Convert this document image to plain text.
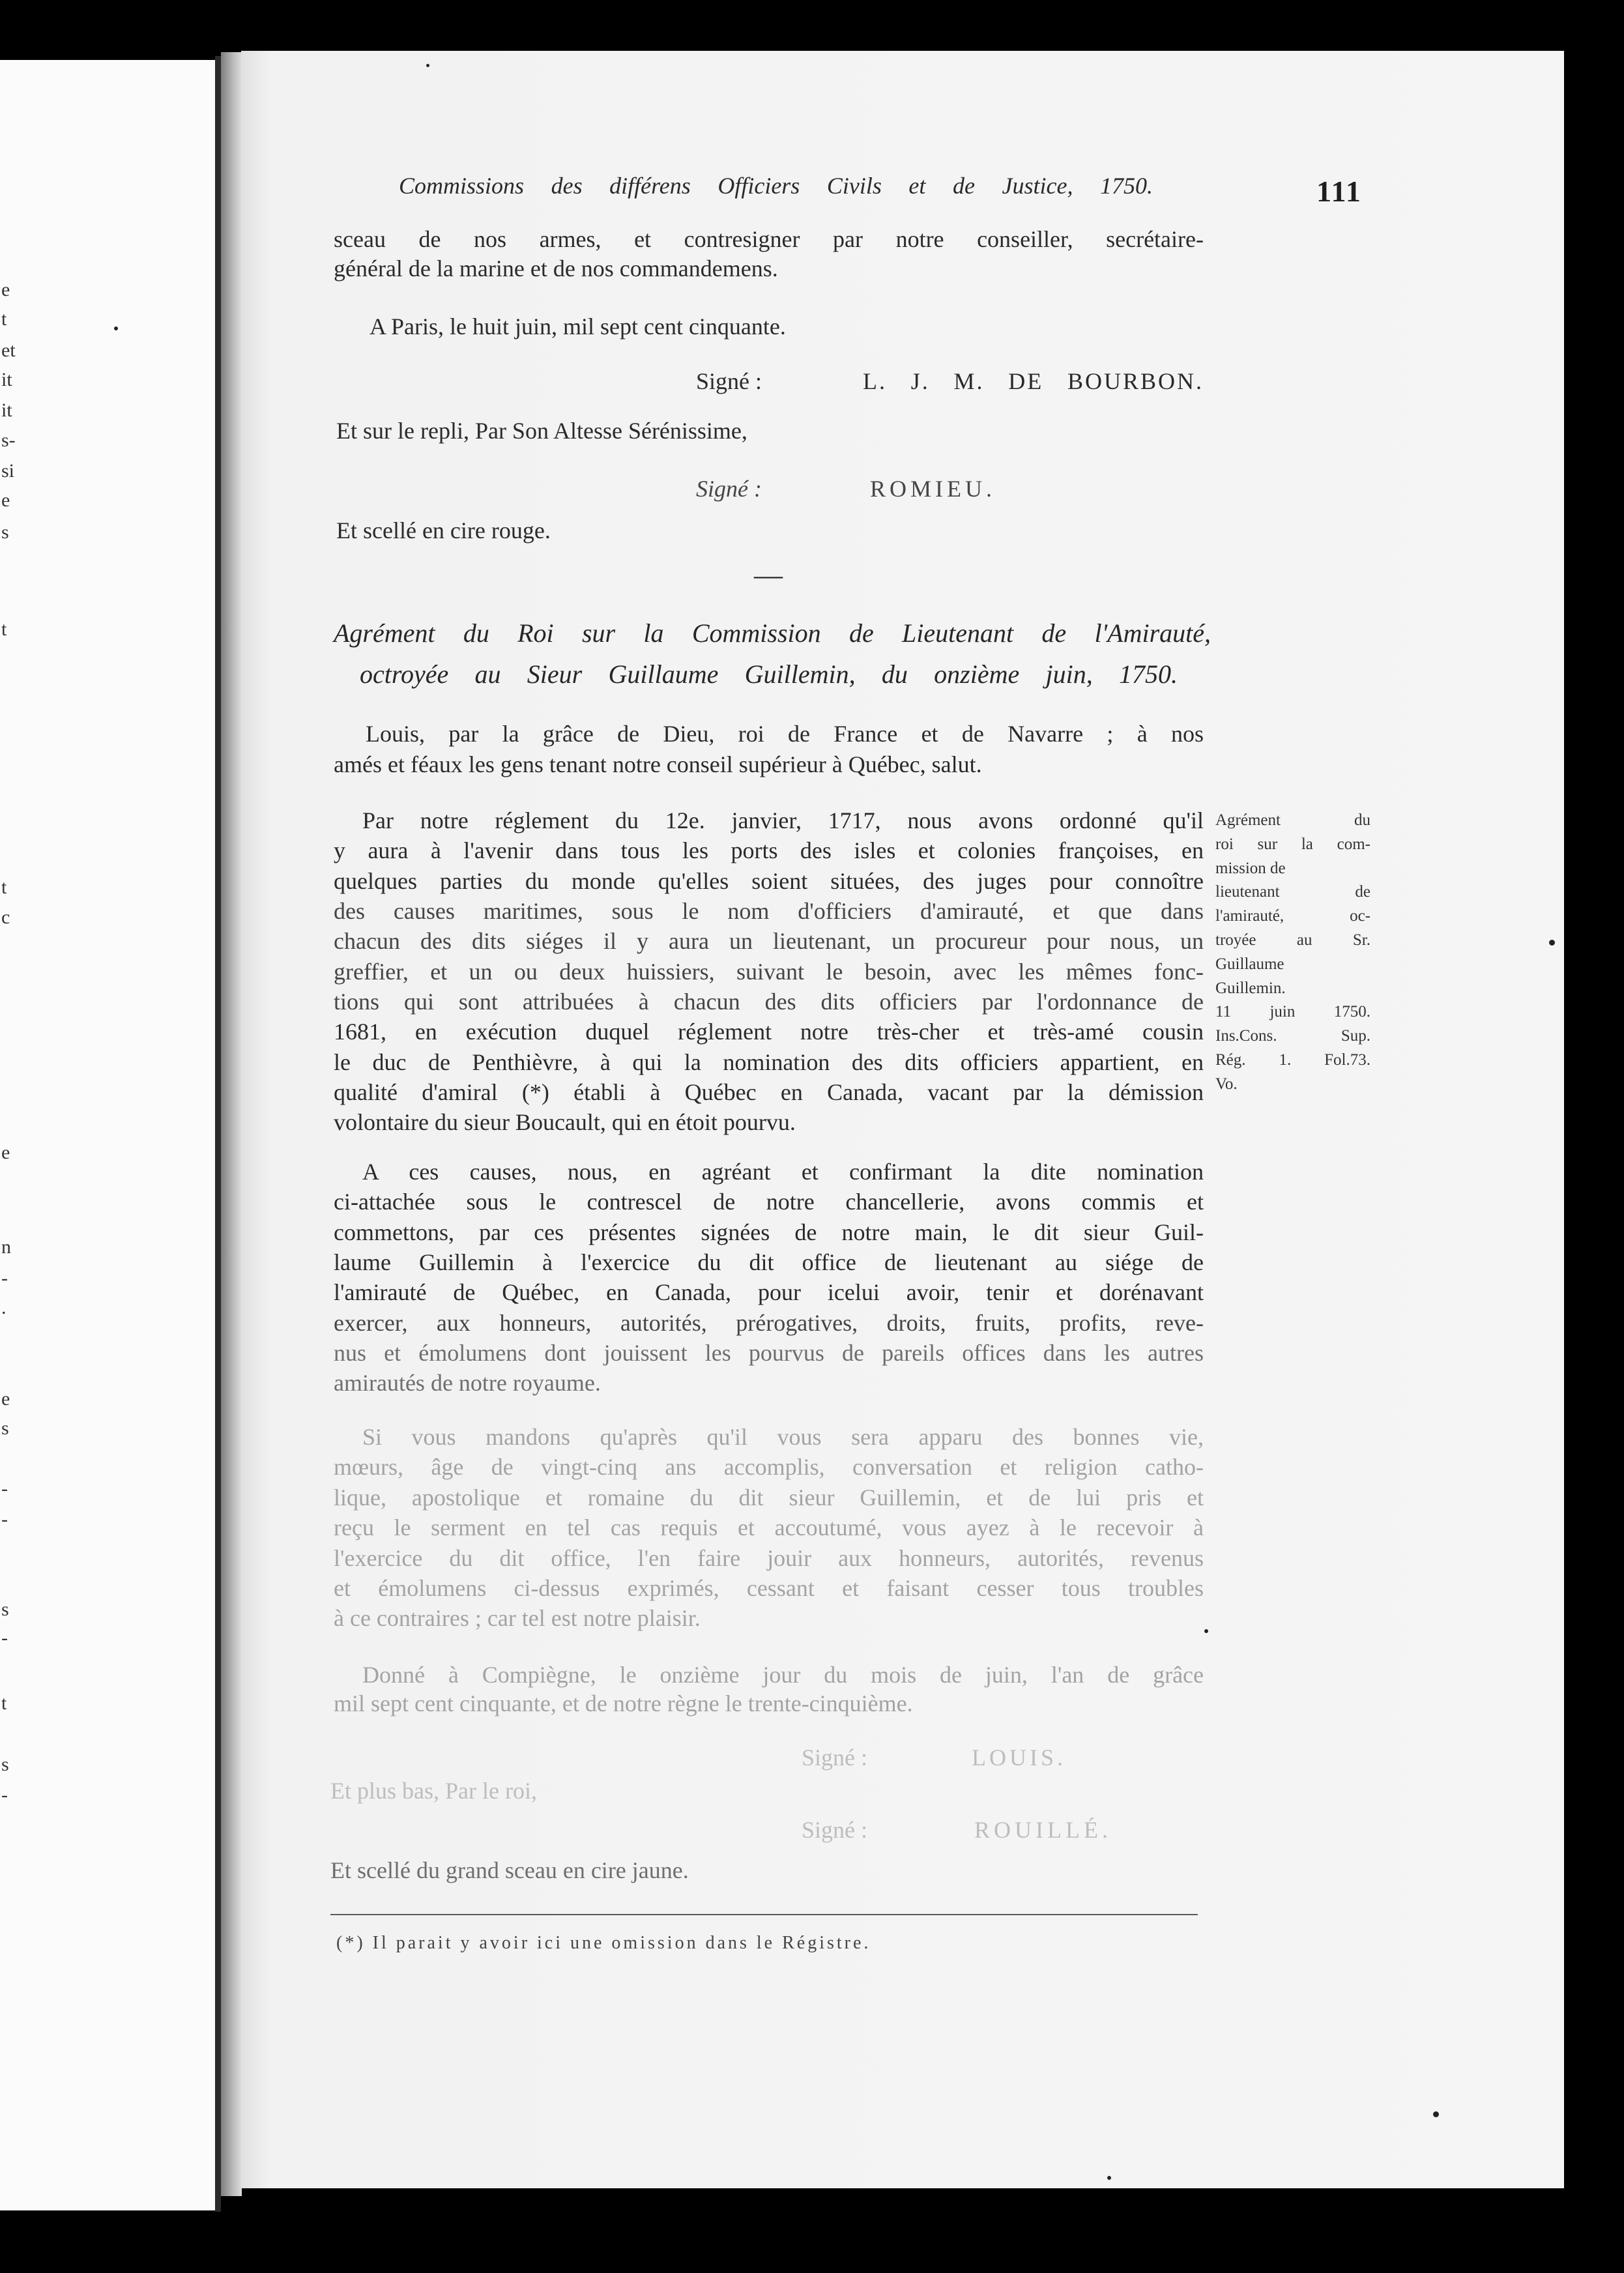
e
t
et
it
it
s-
si
e
s
t
t
c
e
n
-
.
e
s
-
-
s
-
t
s
-
Commissions des différens Officiers Civils et de Justice, 1750.	111
sceau de nos armes, et contresigner par notre conseiller, secrétaire-
général de la marine et de nos commandemens.
A Paris, le huit juin, mil sept cent cinquante.
Signé :	L. J. M. DE BOURBON.
Et sur le repli, Par Son Altesse Sérénissime,
Signé :	ROMIEU.
Et scellé en cire rouge.
—
Agrément du Roi sur la Commission de Lieutenant de l'Amirauté,
octroyée au Sieur Guillaume Guillemin, du onzième juin, 1750.
Louis, par la grâce de Dieu, roi de France et de Navarre ; à nos
amés et féaux les gens tenant notre conseil supérieur à Québec, salut.
Par notre réglement du 12e. janvier, 1717, nous avons ordonné qu'il
y aura à l'avenir dans tous les ports des isles et colonies françoises, en
quelques parties du monde qu'elles soient situées, des juges pour connoître
des causes maritimes, sous le nom d'officiers d'amirauté, et que dans
chacun des dits siéges il y aura un lieutenant, un procureur pour nous, un
greffier, et un ou deux huissiers, suivant le besoin, avec les mêmes fonc-
tions qui sont attribuées à chacun des dits officiers par l'ordonnance de
1681, en exécution duquel réglement notre très-cher et très-amé cousin
le duc de Penthièvre, à qui la nomination des dits officiers appartient, en
qualité d'amiral (*) établi à Québec en Canada, vacant par la démission
volontaire du sieur Boucault, qui en étoit pourvu.
Agrément du
roi sur la com-
mission de
lieutenant de
l'amirauté, oc-
troyée au Sr.
Guillaume
Guillemin.
11 juin 1750.
Ins.Cons. Sup.
Rég. 1. Fol.73.
Vo.
A ces causes, nous, en agréant et confirmant la dite nomination
ci-attachée sous le contrescel de notre chancellerie, avons commis et
commettons, par ces présentes signées de notre main, le dit sieur Guil-
laume Guillemin à l'exercice du dit office de lieutenant au siége de
l'amirauté de Québec, en Canada, pour icelui avoir, tenir et dorénavant
exercer, aux honneurs, autorités, prérogatives, droits, fruits, profits, reve-
nus et émolumens dont jouissent les pourvus de pareils offices dans les autres
amirautés de notre royaume.
Si vous mandons qu'après qu'il vous sera apparu des bonnes vie,
mœurs, âge de vingt-cinq ans accomplis, conversation et religion catho-
lique, apostolique et romaine du dit sieur Guillemin, et de lui pris et
reçu le serment en tel cas requis et accoutumé, vous ayez à le recevoir à
l'exercice du dit office, l'en faire jouir aux honneurs, autorités, revenus
et émolumens ci-dessus exprimés, cessant et faisant cesser tous troubles
à ce contraires ; car tel est notre plaisir.
Donné à Compiègne, le onzième jour du mois de juin, l'an de grâce
mil sept cent cinquante, et de notre règne le trente-cinquième.
Signé :	LOUIS.
Et plus bas, Par le roi,
Signé :	ROUILLÉ.
Et scellé du grand sceau en cire jaune.
(*) Il parait y avoir ici une omission dans le Régistre.
